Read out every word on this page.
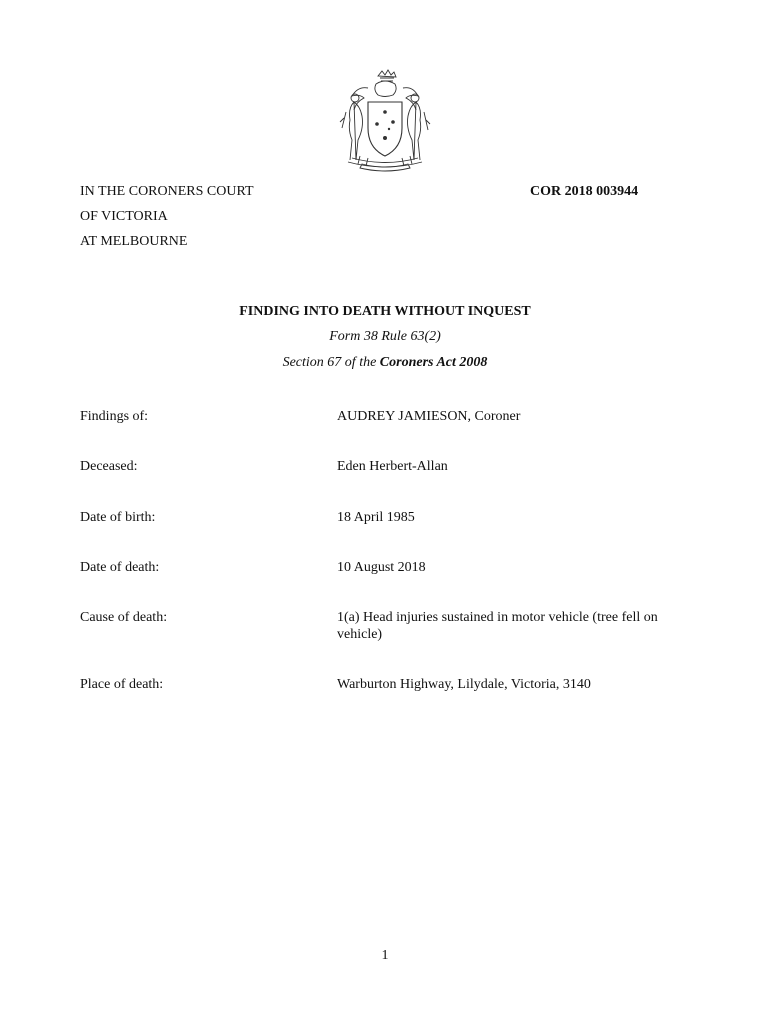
IN THE CORONERS COURT
OF VICTORIA
AT MELBOURNE
COR 2018 003944
FINDING INTO DEATH WITHOUT INQUEST
Form 38 Rule 63(2)
Section 67 of the Coroners Act 2008
Findings of:	AUDREY JAMIESON, Coroner
Deceased:	Eden Herbert-Allan
Date of birth:	18 April 1985
Date of death:	10 August 2018
Cause of death:	1(a) Head injuries sustained in motor vehicle (tree fell on vehicle)
Place of death:	Warburton Highway, Lilydale, Victoria, 3140
1
